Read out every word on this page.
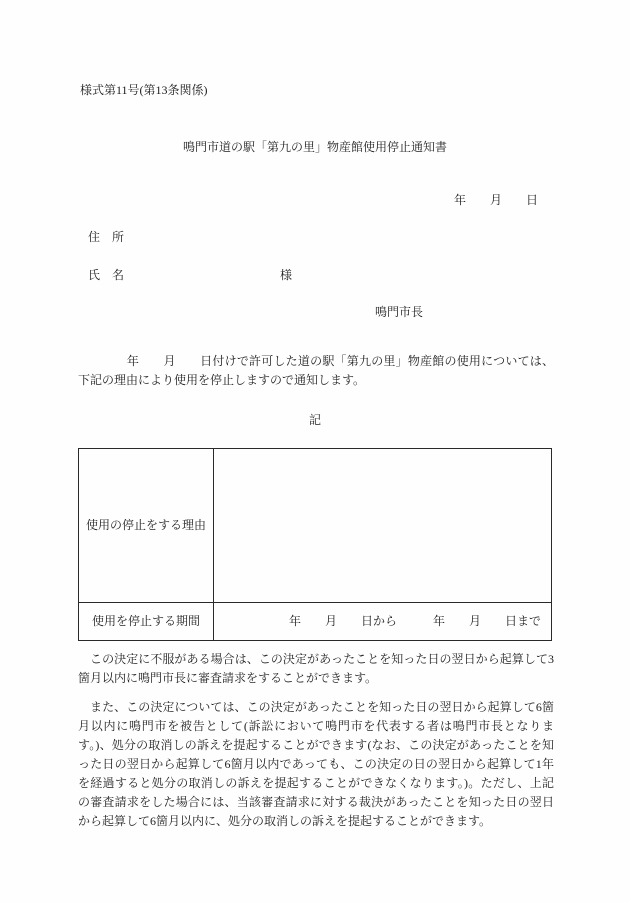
様式第11号(第13条関係)
鳴門市道の駅「第九の里」物産館使用停止通知書
年　　月　　日
住　所
氏　名	様
鳴門市長
　　　　年　　月　　日付けで許可した道の駅「第九の里」物産館の使用については、下記の理由により使用を停止しますので通知します。
記
使用の停止をする理由	
使用を停止する期間	年　　月　　日から　　　年　　月　　日まで
　この決定に不服がある場合は、この決定があったことを知った日の翌日から起算して3箇月以内に鳴門市長に審査請求をすることができます。
　また、この決定については、この決定があったことを知った日の翌日から起算して6箇月以内に鳴門市を被告として(訴訟において鳴門市を代表する者は鳴門市長となります。)、処分の取消しの訴えを提起することができます(なお、この決定があったことを知った日の翌日から起算して6箇月以内であっても、この決定の日の翌日から起算して1年を経過すると処分の取消しの訴えを提起することができなくなります。)。ただし、上記の審査請求をした場合には、当該審査請求に対する裁決があったことを知った日の翌日から起算して6箇月以内に、処分の取消しの訴えを提起することができます。
